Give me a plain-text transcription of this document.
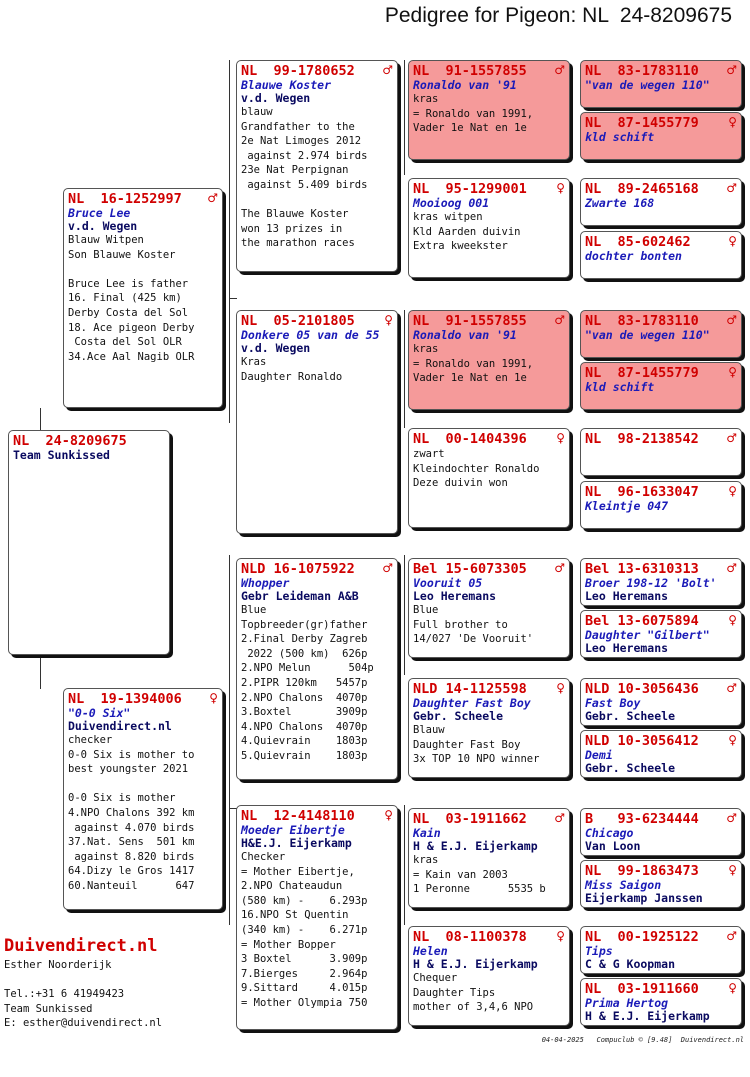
Pedigree for Pigeon: NL  24-8209675
NL  24-8209675
Team Sunkissed
NL  16-1252997 ♂
Bruce Lee
v.d. Wegen
Blauw Witpen
Son Blauwe Koster

Bruce Lee is father
16. Final (425 km)
Derby Costa del Sol
18. Ace pigeon Derby
Costa del Sol OLR
34.Ace Aal Nagib OLR
NL  19-1394006 ♀
"0-0 Six"
Duivendirect.nl
checker
0-0 Six is mother to
best youngster 2021

0-0 Six is mother
4.NPO Chalons 392 km
against 4.070 birds
37.Nat. Sens  501 km
against 8.820 birds
64.Dizy le Gros 1417
60.Nanteuil      647
NL  99-1780652 ♂
Blauwe Koster
v.d. Wegen
blauw
Grandfather to the
2e Nat Limoges 2012
against 2.974 birds
23e Nat Perpignan
against 5.409 birds

The Blauwe Koster
won 13 prizes in
the marathon races
NL  05-2101805 ♀
Donkere 05 van de 55
v.d. Wegen
Kras
Daughter Ronaldo
NLD 16-1075922 ♂
Whopper
Gebr Leideman A&B
Blue
Topbreeder(gr)father
2.Final Derby Zagreb
2022 (500 km)  626p
2.NPO Melun      504p
2.PIPR 120km   5457p
2.NPO Chalons  4070p
3.Boxtel       3909p
4.NPO Chalons  4070p
4.Quievrain    1803p
5.Quievrain    1803p
NL  12-4148110 ♀
Moeder Eibertje
H&E.J. Eijerkamp
Checker
= Mother Eibertje,
2.NPO Chateaudun
(580 km) -    6.293p
16.NPO St Quentin
(340 km) -    6.271p
= Mother Bopper
3 Boxtel      3.909p
7.Bierges     2.964p
9.Sittard     4.015p
= Mother Olympia 750
NL  91-1557855 ♂
Ronaldo van '91
kras
= Ronaldo van 1991,
Vader 1e Nat en 1e
NL  95-1299001 ♀
Mooioog 001
kras witpen
Kld Aarden duivin
Extra kweekster
NL  91-1557855 ♂
Ronaldo van '91
kras
= Ronaldo van 1991,
Vader 1e Nat en 1e
NL  00-1404396 ♀
zwart
Kleindochter Ronaldo
Deze duivin won
Bel 15-6073305 ♂
Vooruit 05
Leo Heremans
Blue
Full brother to
14/027 'De Vooruit'
NLD 14-1125598 ♀
Daughter Fast Boy
Gebr. Scheele
Blauw
Daughter Fast Boy
3x TOP 10 NPO winner
NL  03-1911662 ♂
Kain
H & E.J. Eijerkamp
kras
= Kain van 2003
1 Peronne      5535 b
NL  08-1100378 ♀
Helen
H & E.J. Eijerkamp
Chequer
Daughter Tips
mother of 3,4,6 NPO
NL  83-1783110 ♂
"van de wegen 110"
NL  87-1455779 ♀
kld schift
NL  89-2465168 ♂
Zwarte 168
NL  85-602462	♀
dochter bonten
NL  83-1783110 ♂
"van de wegen 110"
NL  87-1455779 ♀
kld schift
NL  98-2138542 ♂
NL  96-1633047 ♀
Kleintje 047
Bel 13-6310313 ♂
Broer 198-12 'Bolt'
Leo Heremans
Bel 13-6075894 ♀
Daughter "Gilbert"
Leo Heremans
NLD 10-3056436 ♂
Fast Boy
Gebr. Scheele
NLD 10-3056412 ♀
Demi
Gebr. Scheele
B   93-6234444 ♂
Chicago
Van Loon
NL  99-1863473 ♀
Miss Saigon
Eijerkamp Janssen
NL  00-1925122 ♂
Tips
C & G Koopman
NL  03-1911660 ♀
Prima Hertog
H & E.J. Eijerkamp
Duivendirect.nl
Esther Noorderijk

Tel.:+31 6 41949423
Team Sunkissed
E: esther@duivendirect.nl
04-04-2025   Compuclub © [9.48]  Duivendirect.nl
